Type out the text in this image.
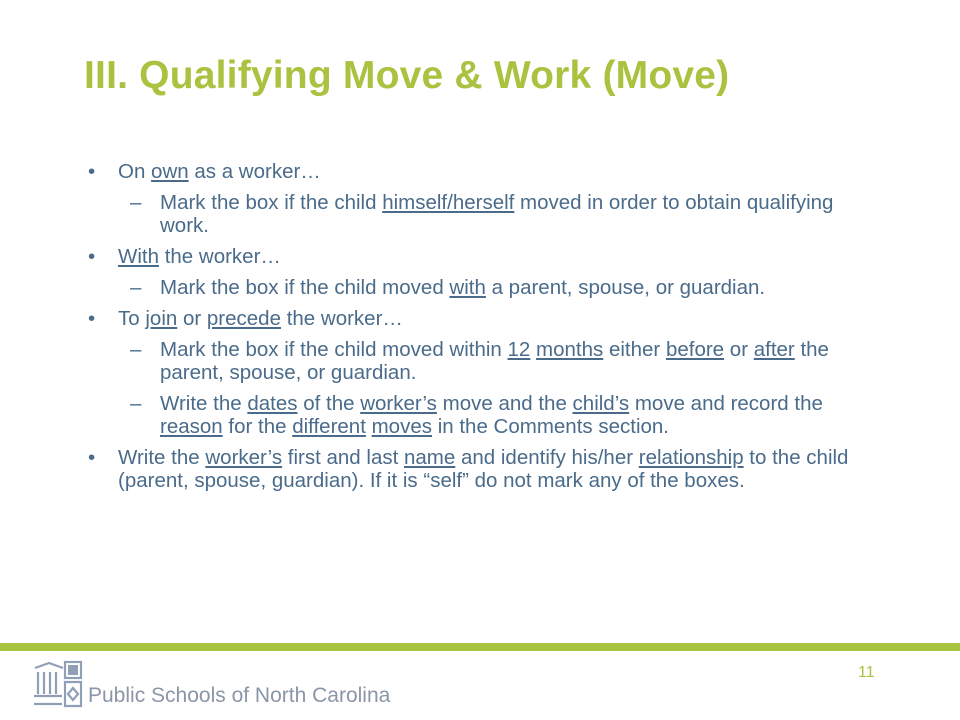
III. Qualifying Move & Work (Move)
• On own as a worker…
– Mark the box if the child himself/herself moved in order to obtain qualifying work.
• With the worker…
– Mark the box if the child moved with a parent, spouse, or guardian.
• To join or precede the worker…
– Mark the box if the child moved within 12 months either before or after the parent, spouse, or guardian.
– Write the dates of the worker’s move and the child’s move and record the reason for the different moves in the Comments section.
• Write the worker’s first and last name and identify his/her relationship to the child (parent, spouse, guardian). If it is “self” do not mark any of the boxes.
Public Schools of North Carolina
11
